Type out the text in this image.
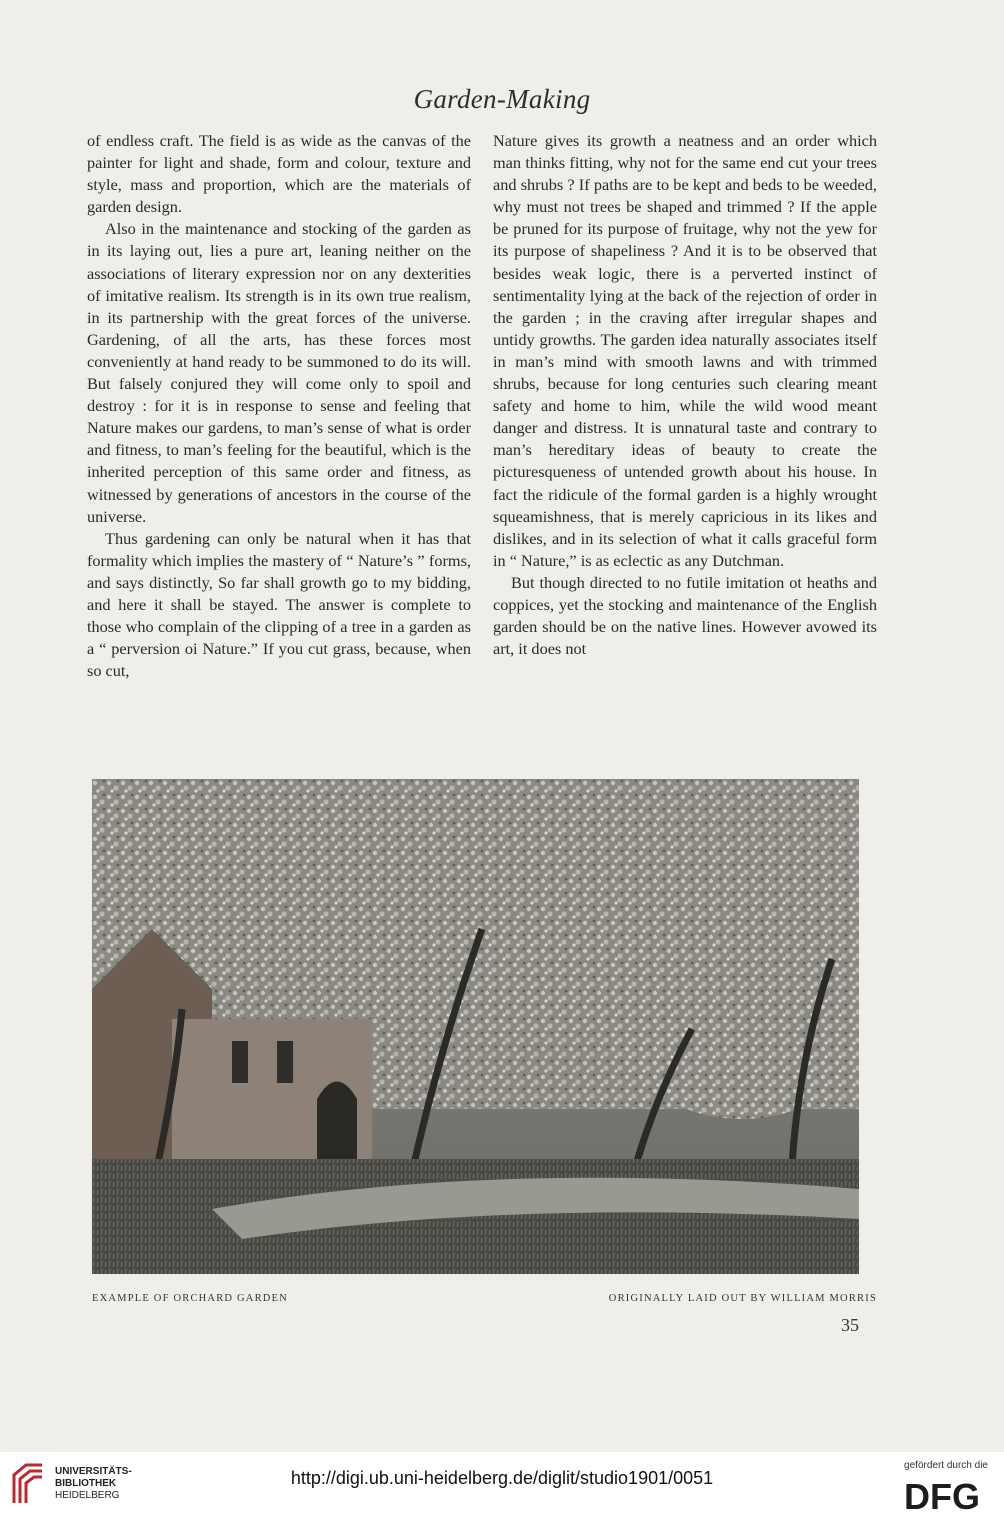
Garden-Making

of endless craft. The field is as wide as the canvas of the painter for light and shade, form and colour, texture and style, mass and proportion, which are the materials of garden design.

Also in the maintenance and stocking of the garden as in its laying out, lies a pure art, leaning neither on the associations of literary expression nor on any dexterities of imitative realism. Its strength is in its own true realism, in its partnership with the great forces of the universe. Gardening, of all the arts, has these forces most conveniently at hand ready to be summoned to do its will. But falsely conjured they will come only to spoil and destroy : for it is in response to sense and feeling that Nature makes our gardens, to man’s sense of what is order and fitness, to man’s feeling for the beautiful, which is the inherited perception of this same order and fitness, as witnessed by generations of ancestors in the course of the universe.

Thus gardening can only be natural when it has that formality which implies the mastery of “ Nature’s ” forms, and says distinctly, So far shall growth go to my bidding, and here it shall be stayed. The answer is complete to those who complain of the clipping of a tree in a garden as a “ perversion oi Nature.” If you cut grass, because, when so cut,

Nature gives its growth a neatness and an order which man thinks fitting, why not for the same end cut your trees and shrubs ? If paths are to be kept and beds to be weeded, why must not trees be shaped and trimmed ? If the apple be pruned for its purpose of fruitage, why not the yew for its purpose of shapeliness ? And it is to be observed that besides weak logic, there is a perverted instinct of sentimentality lying at the back of the rejection of order in the garden ; in the craving after irregular shapes and untidy growths. The garden idea naturally associates itself in man’s mind with smooth lawns and with trimmed shrubs, because for long centuries such clearing meant safety and home to him, while the wild wood meant danger and distress. It is unnatural taste and contrary to man’s hereditary ideas of beauty to create the picturesqueness of untended growth about his house. In fact the ridicule of the formal garden is a highly wrought squeamishness, that is merely capricious in its likes and dislikes, and in its selection of what it calls graceful form in “ Nature,” is as eclectic as any Dutchman.

But though directed to no futile imitation ot heaths and coppices, yet the stocking and maintenance of the English garden should be on the native lines. However avowed its art, it does not

EXAMPLE OF ORCHARD GARDEN	ORIGINALLY LAID OUT BY WILLIAM MORRIS
35
UNIVERSITÄTS-
BIBLIOTHEK
HEIDELBERG
http://digi.ub.uni-heidelberg.de/diglit/studio1901/0051
gefördert durch die
DFG
